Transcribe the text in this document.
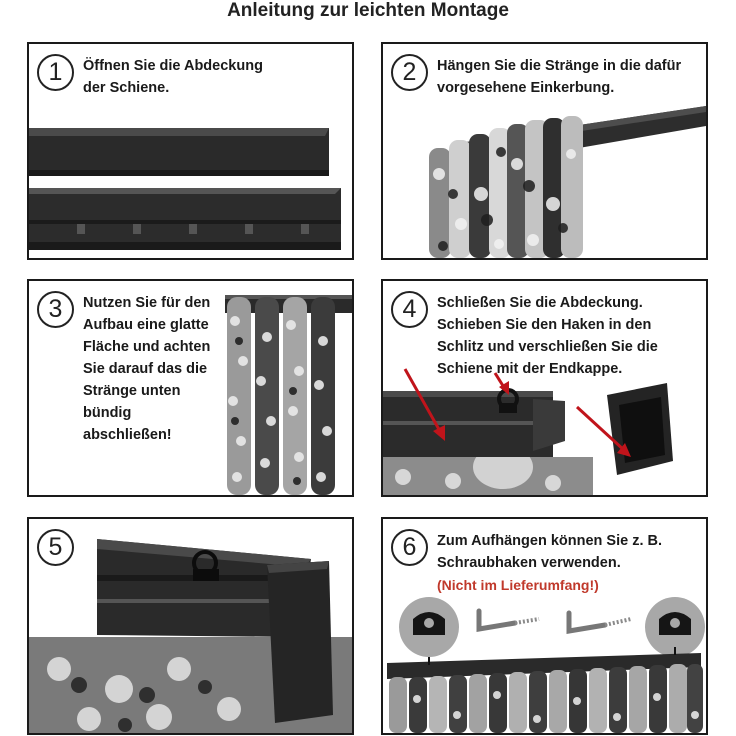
Anleitung zur leichten Montage
1	Öffnen Sie die Abdeckung
der Schiene.
2	Hängen Sie die Stränge in die dafür
vorgesehene Einkerbung.
3	Nutzen Sie für den
Aufbau eine glatte
Fläche und achten
Sie darauf das die
Stränge unten
bündig
abschließen!
4	Schließen Sie die Abdeckung.
Schieben Sie den Haken in den
Schlitz und verschließen Sie die
Schiene mit der Endkappe.
5	6	Zum Aufhängen können Sie z. B.
Schraubhaken verwenden.
(Nicht im Lieferumfang!)
